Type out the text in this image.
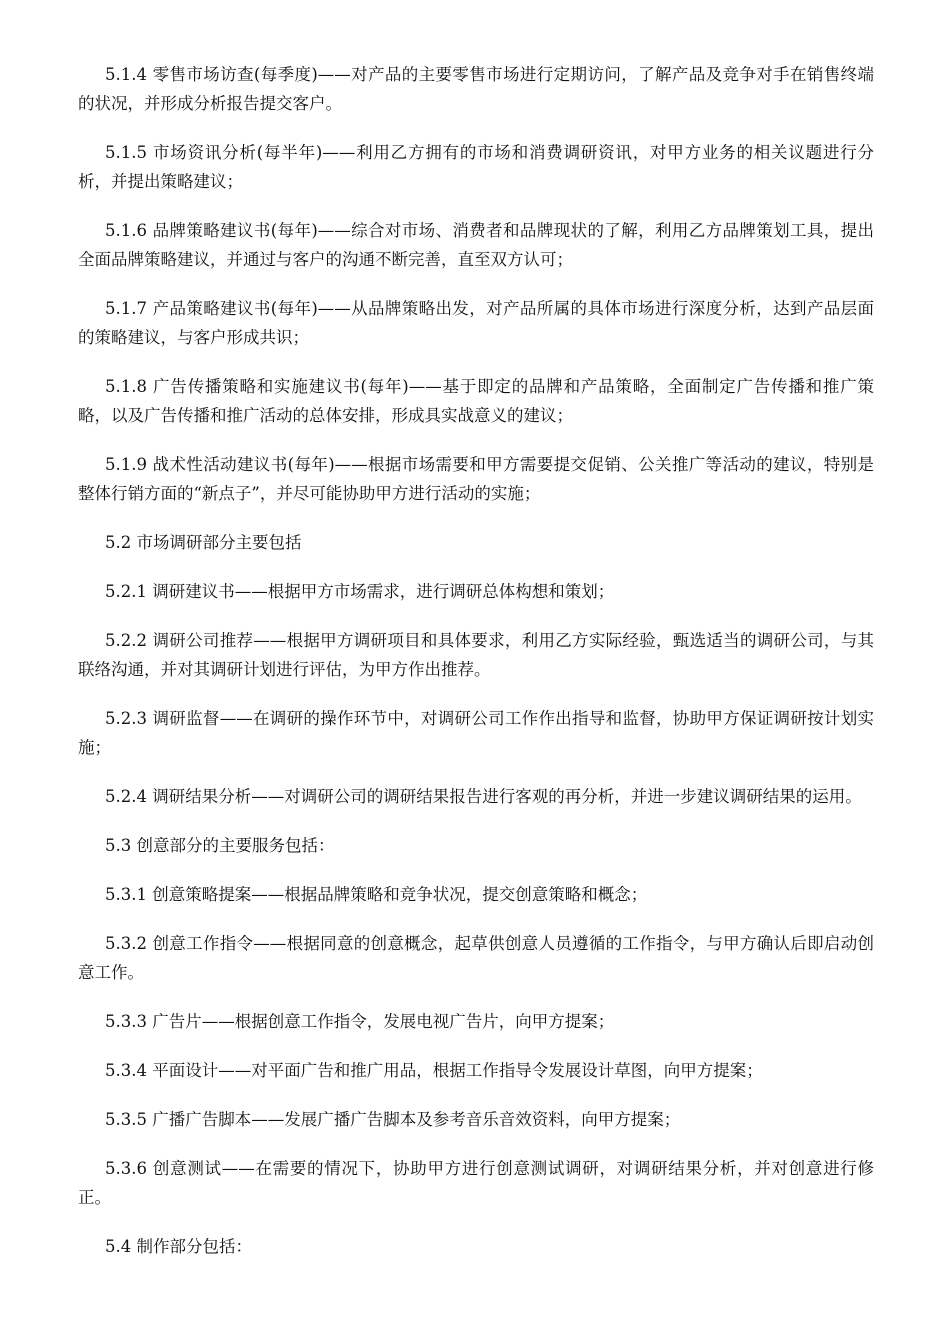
5.1.4 零售市场访查(每季度)——对产品的主要零售市场进行定期访问，了解产品及竞争对手在销售终端的状况，并形成分析报告提交客户。

5.1.5 市场资讯分析(每半年)——利用乙方拥有的市场和消费调研资讯，对甲方业务的相关议题进行分析，并提出策略建议；

5.1.6 品牌策略建议书(每年)——综合对市场、消费者和品牌现状的了解，利用乙方品牌策划工具，提出全面品牌策略建议，并通过与客户的沟通不断完善，直至双方认可；

5.1.7 产品策略建议书(每年)——从品牌策略出发，对产品所属的具体市场进行深度分析，达到产品层面的策略建议，与客户形成共识；

5.1.8 广告传播策略和实施建议书(每年)——基于即定的品牌和产品策略，全面制定广告传播和推广策略，以及广告传播和推广活动的总体安排，形成具实战意义的建议；

5.1.9 战术性活动建议书(每年)——根据市场需要和甲方需要提交促销、公关推广等活动的建议，特别是整体行销方面的“新点子”，并尽可能协助甲方进行活动的实施；

5.2 市场调研部分主要包括

5.2.1 调研建议书——根据甲方市场需求，进行调研总体构想和策划；

5.2.2 调研公司推荐——根据甲方调研项目和具体要求，利用乙方实际经验，甄选适当的调研公司，与其联络沟通，并对其调研计划进行评估，为甲方作出推荐。

5.2.3 调研监督——在调研的操作环节中，对调研公司工作作出指导和监督，协助甲方保证调研按计划实施；

5.2.4 调研结果分析——对调研公司的调研结果报告进行客观的再分析，并进一步建议调研结果的运用。

5.3 创意部分的主要服务包括：

5.3.1 创意策略提案——根据品牌策略和竞争状况，提交创意策略和概念；

5.3.2 创意工作指令——根据同意的创意概念，起草供创意人员遵循的工作指令，与甲方确认后即启动创意工作。

5.3.3 广告片——根据创意工作指令，发展电视广告片，向甲方提案；

5.3.4 平面设计——对平面广告和推广用品，根据工作指导令发展设计草图，向甲方提案；

5.3.5 广播广告脚本——发展广播广告脚本及参考音乐音效资料，向甲方提案；

5.3.6 创意测试——在需要的情况下，协助甲方进行创意测试调研，对调研结果分析，并对创意进行修正。

5.4 制作部分包括：
